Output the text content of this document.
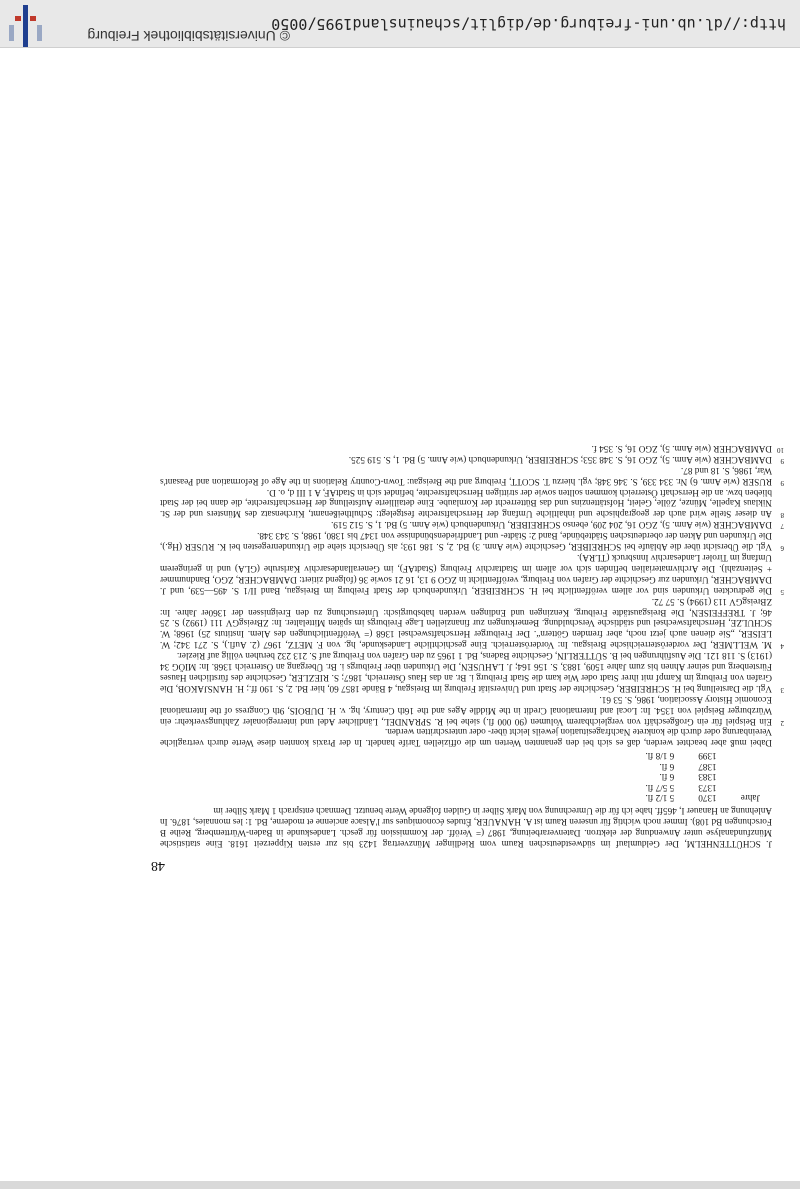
48

J. SCHÜTTENHELM, Der Geldumlauf im südwestdeutschen Raum vom Riedlinger Münzvertrag 1423 bis zur ersten Kipperzeit 1618. Eine statistische Münzfundanalyse unter Anwendung der elektron. Datenverarbeitung, 1987 (= Veröff. der Kommission für gesch. Landeskunde in Baden-Württemberg, Reihe B Forschungen Bd 108). Immer noch wichtig für unseren Raum ist A. HANAUER, Études économiques sur l'Alsace ancienne et moderne, Bd. 1: les monnaies, 1876. In Anlehnung an Hanauer I, 465ff. habe ich für die Umrechnung von Mark Silber in Gulden folgende Werte benutzt. Demnach entsprach 1 Mark Silber im

Jahre	1370	5 1/2 fl.
	1373	5 5/7 fl.
	1383	6 fl.
	1387	6 fl.
	1399	6 1/8 fl.

Dabei muß aber beachtet werden, daß es sich bei den genannten Werten um die offiziellen Tarife handelt. In der Praxis konnten diese Werte durch vertragliche Vereinbarung oder durch die konkrete Nachfragesituation jeweils leicht über- oder unterschritten werden.

2
Ein Beispiel für ein Großgeschäft von vergleichbarem Volumen (90 000 fl.) siehe bei R. SPRANDEL, Ländlicher Adel und interregionaler Zahlungsverkehr: ein Würzburger Beispiel von 1354. In: Local and International Credit in the Middle Ages and the 16th Century, hg. v. H. DUBOIS, 9th Congress of the International Economic History Association, 1986, S. 53 61.
3
Vgl. die Darstellung bei H. SCHREIBER, Geschichte der Stadt und Universität Freiburg im Breisgau, 4 Bände 1857 60, hier Bd. 2, S. 190 ff.; H. HANSJAKOB, Die Grafen von Freiburg im Kampf mit ihrer Stadt oder Wie kam die Stadt Freiburg i. Br. an das Haus Österreich, 1867; S. RIEZLER, Geschichte des fürstlichen Hauses Fürstenberg und seiner Ahnen bis zum Jahre 1509, 1883, S. 156 164; J. LAHUSEN, Die Urkunden über Freiburgs i. Br. Übergang an Österreich 1368. In: MIÖG 34 (1913) S. 118 121. Die Ausführungen bei B. SÜTTERLIN, Geschichte Badens, Bd. 1 1965 zu den Grafen von Freiburg auf S. 213 232 beruhen völlig auf Riezler.
4
M. WELLMER, Der vorderösterreichische Breisgau. In: Vorderösterreich. Eine geschichtliche Landeskunde, hg. von F. METZ, 1967 (2. Aufl.), S. 271 342; W. LEISER, „Sie dienen auch jetzt noch, aber fremden Göttern“. Der Freiburger Herrschaftswechsel 1368 (= Veröffentlichungen des Alem. Instituts 25) 1968; W. SCHULZE, Herrschaftswechsel und städtische Verschuldung. Bemerkungen zur finanziellen Lage Freiburgs im späten Mittelalter. In: ZBreisgGV 111 (1992) S. 25 46; J. TREFFEISEN, Die Breisgaustädte Freiburg, Kenzingen und Endingen werden habsburgisch: Untersuchung zu den Ereignissen der 1360er Jahre. In: ZBreisgGV 113 (1994) S. 57 72.
5
Die gedruckten Urkunden sind vor allem veröffentlicht bei H. SCHREIBER, Urkundenbuch der Stadt Freiburg im Breisgau, Band II/1 S. 495—539, und J. DAMBACHER, Urkunden zur Geschichte der Grafen von Freiburg, veröffentlicht in ZGO 9 13, 16 21 sowie 36 (folgend zitiert: DAMBACHER, ZGO, Bandnummer + Seitenzahl). Die Archivmaterialien befinden sich vor allem im Stadtarchiv Freiburg (StadtAF), im Generallandesarchiv Karlsruhe (GLA) und in geringerem Umfang im Tiroler Landesarchiv Innsbruck (TLRA).
6
Vgl. die Übersicht über die Abläufe bei SCHREIBER, Geschichte (wie Anm. 3) Bd. 2, S. 186 193; als Übersicht siehe die Urkundenregesten bei K. RUSER (Hg.), Die Urkunden und Akten der oberdeutschen Städtebünde, Band 2: Städte- und Landfriedensbündnisse von 1347 bis 1380, 1988, S. 343 348.
7
DAMBACHER (wie Anm. 5), ZGO 16, 204 209, ebenso SCHREIBER, Urkundenbuch (wie Anm. 5) Bd. 1, S. 512 519.
8
An dieser Stelle wird auch der geographische und inhaltliche Umfang der Herrschaftsrechte festgelegt: Schultheißenamt, Kirchensatz des Münsters und der St. Niklaus Kapelle, Münze, Zölle, Geleit, Hofstättenzins und das Bütterrecht der Kornlaube. Eine detaillierte Aufstellung der Herrschaftsrechte, die dann bei der Stadt blieben bzw. an die Herrschaft Österreich kommen sollten sowie der strittigen Herrschaftsrechte, befindet sich in StadtAF, A 1 III d, o. D.
9
RUSER (wie Anm. 6) Nr. 334 339, S. 346 348; vgl. hierzu T. SCOTT, Freiburg and the Breisgau: Town-Country Relations in the Age of Reformation and Peasant's War, 1986, S. 18 und 87.
9
DAMBACHER (wie Anm. 5), ZGO 16, S. 348 353; SCHREIBER, Urkundenbuch (wie Anm. 5) Bd. 1, S. 519 525.
10
DAMBACHER (wie Anm. 5), ZGO 16, S. 354 f.
http://dl.ub.uni-freiburg.de/diglit/schauinsland1995/0050
© Universitätsbibliothek Freiburg
